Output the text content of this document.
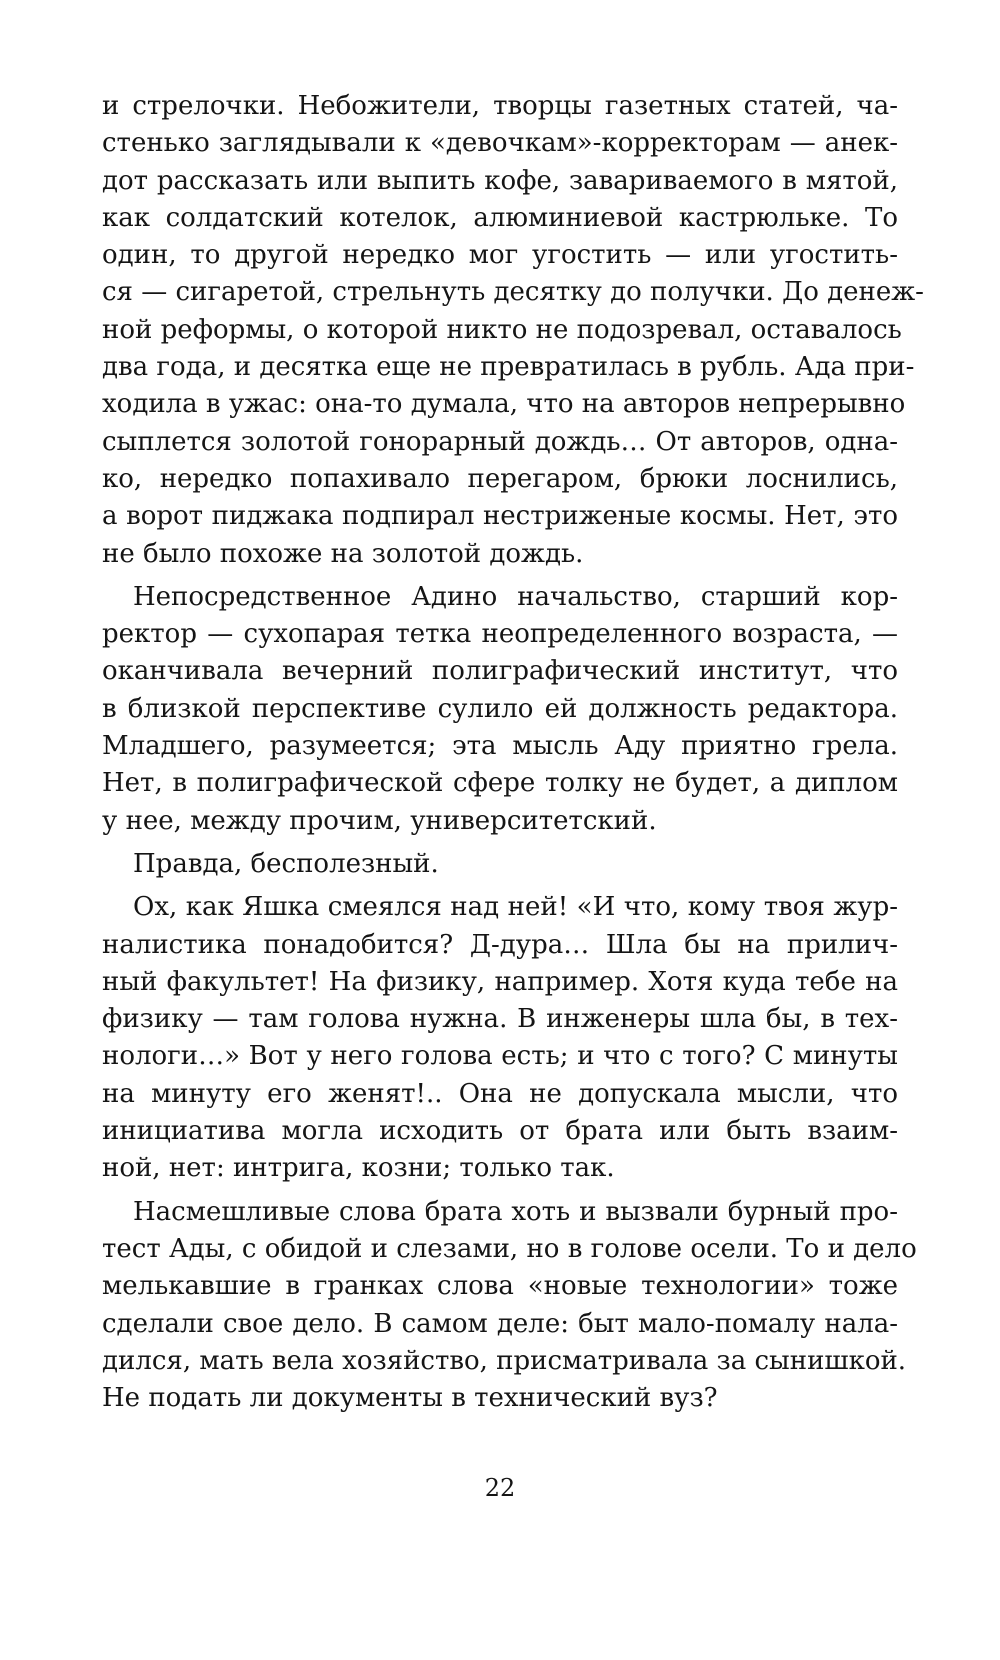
и стрелочки. Небожители, творцы газетных статей, ча-
стенько заглядывали к «девочкам»-корректорам — анек-
дот рассказать или выпить кофе, завариваемого в мятой,
как солдатский котелок, алюминиевой кастрюльке. То
один, то другой нередко мог угостить — или угостить-
ся — сигаретой, стрельнуть десятку до получки. До денеж-
ной реформы, о которой никто не подозревал, оставалось
два года, и десятка еще не превратилась в рубль. Ада при-
ходила в ужас: она-то думала, что на авторов непрерывно
сыплется золотой гонорарный дождь… От авторов, одна-
ко, нередко попахивало перегаром, брюки лоснились,
а ворот пиджака подпирал нестриженые космы. Нет, это
не было похоже на золотой дождь.
Непосредственное Адино начальство, старший кор-
ректор — сухопарая тетка неопределенного возраста, —
оканчивала вечерний полиграфический институт, что
в близкой перспективе сулило ей должность редактора.
Младшего, разумеется; эта мысль Аду приятно грела.
Нет, в полиграфической сфере толку не будет, а диплом
у нее, между прочим, университетский.
Правда, бесполезный.
Ох, как Яшка смеялся над ней! «И что, кому твоя жур-
налистика понадобится? Д-дура… Шла бы на прилич-
ный факультет! На физику, например. Хотя куда тебе на
физику — там голова нужна. В инженеры шла бы, в тех-
нологи…» Вот у него голова есть; и что с того? С минуты
на минуту его женят!.. Она не допускала мысли, что
инициатива могла исходить от брата или быть взаим-
ной, нет: интрига, козни; только так.
Насмешливые слова брата хоть и вызвали бурный про-
тест Ады, с обидой и слезами, но в голове осели. То и дело
мелькавшие в гранках слова «новые технологии» тоже
сделали свое дело. В самом деле: быт мало-помалу нала-
дился, мать вела хозяйство, присматривала за сынишкой.
Не подать ли документы в технический вуз?
22
